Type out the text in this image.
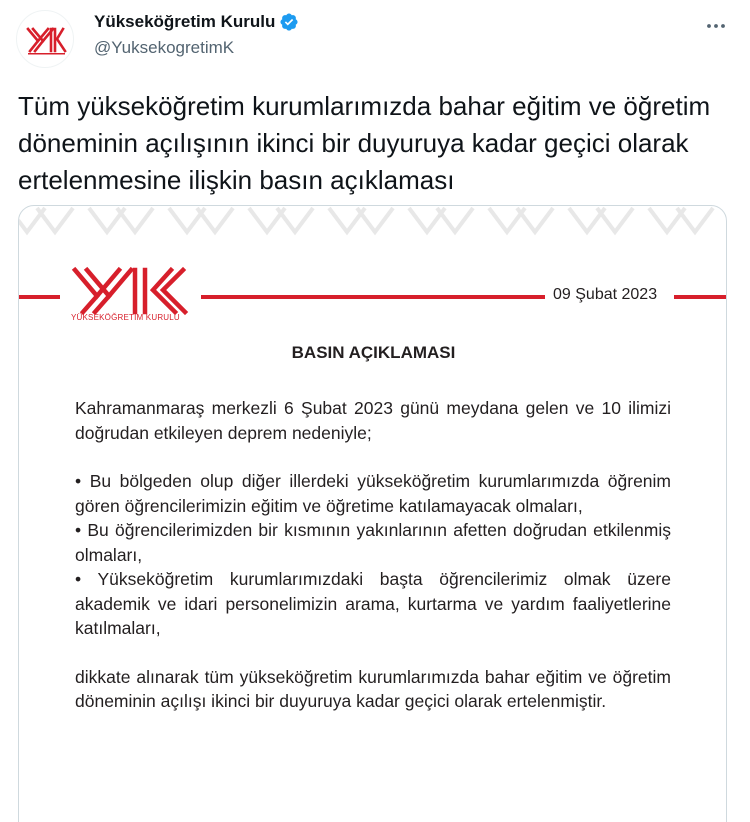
Yükseköğretim Kurulu
@YuksekogretimK
Tüm yükseköğretim kurumlarımızda bahar eğitim ve öğretim döneminin açılışının ikinci bir duyuruya kadar geçici olarak ertelenmesine ilişkin basın açıklaması
YÜKSEKÖĞRETİM KURULU
09 Şubat 2023
BASIN AÇIKLAMASI

Kahramanmaraş merkezli 6 Şubat 2023 günü meydana gelen ve 10 ilimizi doğrudan etkileyen deprem nedeniyle;

• Bu bölgeden olup diğer illerdeki yükseköğretim kurumlarımızda öğrenim gören öğrencilerimizin eğitim ve öğretime katılamayacak olmaları,

• Bu öğrencilerimizden bir kısmının yakınlarının afetten doğrudan etkilenmiş olmaları,

• Yükseköğretim kurumlarımızdaki başta öğrencilerimiz olmak üzere akademik ve idari personelimizin arama, kurtarma ve yardım faaliyetlerine katılmaları,

dikkate alınarak tüm yükseköğretim kurumlarımızda bahar eğitim ve öğretim döneminin açılışı ikinci bir duyuruya kadar geçici olarak ertelenmiştir.
